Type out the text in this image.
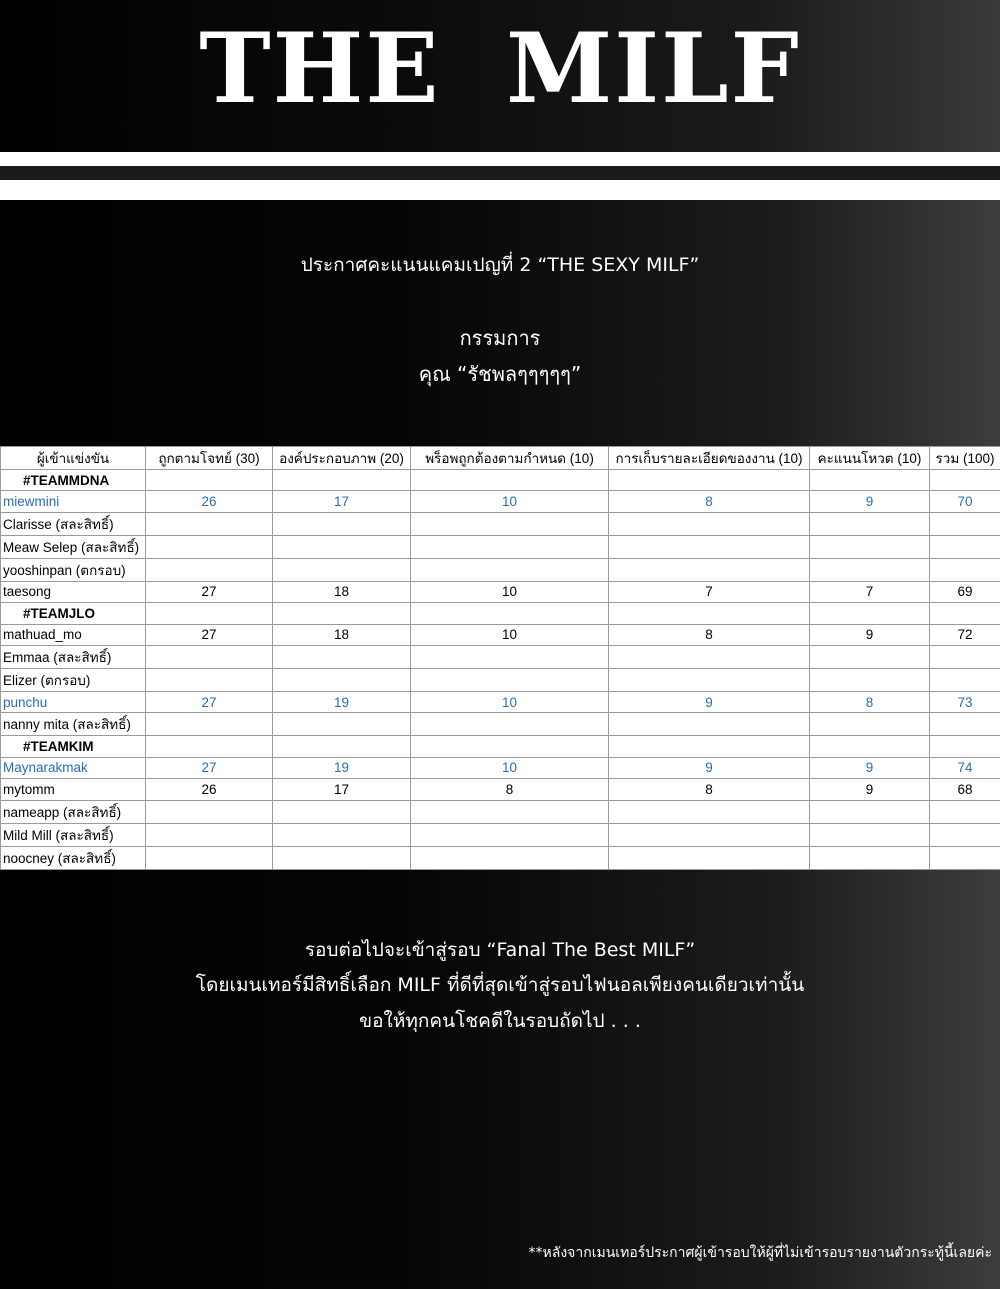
THE MILF
ประกาศคะแนนแคมเปญที่ 2 “THE SEXY MILF”
กรรมการ
คุณ “รัชพลๆๆๆๆๆ”
ผู้เข้าแข่งขัน	ถูกตามโจทย์ (30)	องค์ประกอบภาพ (20)	พร็อพถูกต้องตามกำหนด (10)	การเก็บรายละเอียดของงาน (10)	คะแนนโหวต (10)	รวม (100)
#TEAMMDNA						
miewmini	26	17	10	8	9	70
Clarisse (สละสิทธิ์)						
Meaw Selep (สละสิทธิ์)						
yooshinpan (ตกรอบ)						
taesong	27	18	10	7	7	69
#TEAMJLO						
mathuad_mo	27	18	10	8	9	72
Emmaa (สละสิทธิ์)						
Elizer (ตกรอบ)						
punchu	27	19	10	9	8	73
nanny mita (สละสิทธิ์)						
#TEAMKIM						
Maynarakmak	27	19	10	9	9	74
mytomm	26	17	8	8	9	68
nameapp (สละสิทธิ์)						
Mild Mill (สละสิทธิ์)						
noocney (สละสิทธิ์)						
รอบต่อไปจะเข้าสู่รอบ “Fanal The Best MILF”
โดยเมนเทอร์มีสิทธิ์เลือก MILF ที่ดีที่สุดเข้าสู่รอบไฟนอลเพียงคนเดียวเท่านั้น
ขอให้ทุกคนโชคดีในรอบถัดไป . . .
**หลังจากเมนเทอร์ประกาศผู้เข้ารอบให้ผู้ที่ไม่เข้ารอบรายงานตัวกระทู้นี้เลยค่ะ
